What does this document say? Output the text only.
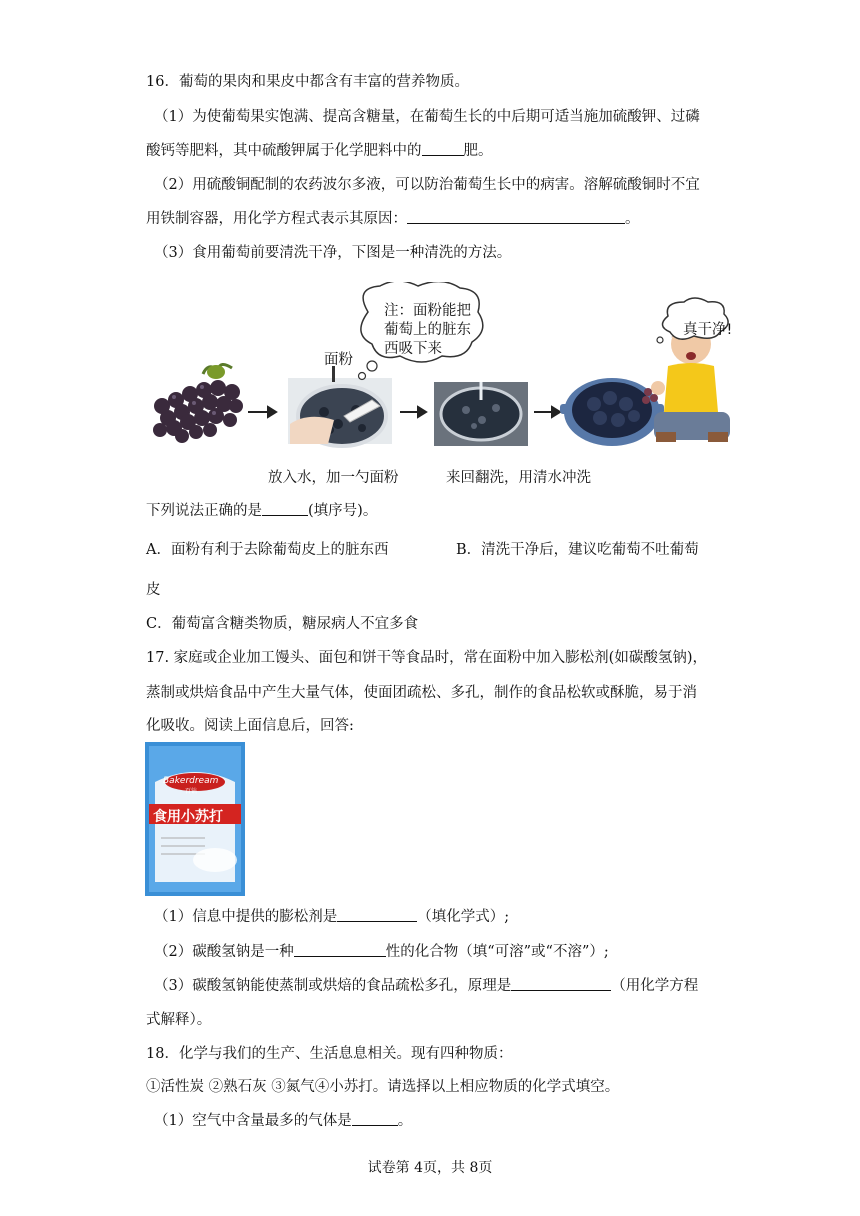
16．葡萄的果肉和果皮中都含有丰富的营养物质。
（1）为使葡萄果实饱满、提高含糖量，在葡萄生长的中后期可适当施加硫酸钾、过磷
酸钙等肥料，其中硫酸钾属于化学肥料中的	肥。
（2）用硫酸铜配制的农药波尔多液，可以防治葡萄生长中的病害。溶解硫酸铜时不宜
用铁制容器，用化学方程式表示其原因：	。
（3）食用葡萄前要清洗干净，下图是一种清洗的方法。
注：面粉能把
葡萄上的脏东
西吸下来
面粉
真干净!
放入水，加一勺面粉	来回翻洗，用清水冲洗
下列说法正确的是	(填序号)。
A．面粉有利于去除葡萄皮上的脏东西	B．清洗干净后，建议吃葡萄不吐葡萄
皮
C．葡萄富含糖类物质，糖尿病人不宜多食
17. 家庭或企业加工馒头、面包和饼干等食品时，常在面粉中加入膨松剂(如碳酸氢钠)，
蒸制或烘焙食品中产生大量气体，使面团疏松、多孔，制作的食品松软或酥脆，易于消
化吸收。阅读上面信息后，回答:
Bakerdream
百钻
食用小苏打
（1）信息中提供的膨松剂是	（填化学式）;
（2）碳酸氢钠是一种	性的化合物（填“可溶”或“不溶”）;
（3）碳酸氢钠能使蒸制或烘焙的食品疏松多孔，原理是	（用化学方程
式解释）。
18．化学与我们的生产、生活息息相关。现有四种物质：
①活性炭 ②熟石灰 ③氮气④小苏打。请选择以上相应物质的化学式填空。
（1）空气中含量最多的气体是	。
试卷第 4页，共 8页
